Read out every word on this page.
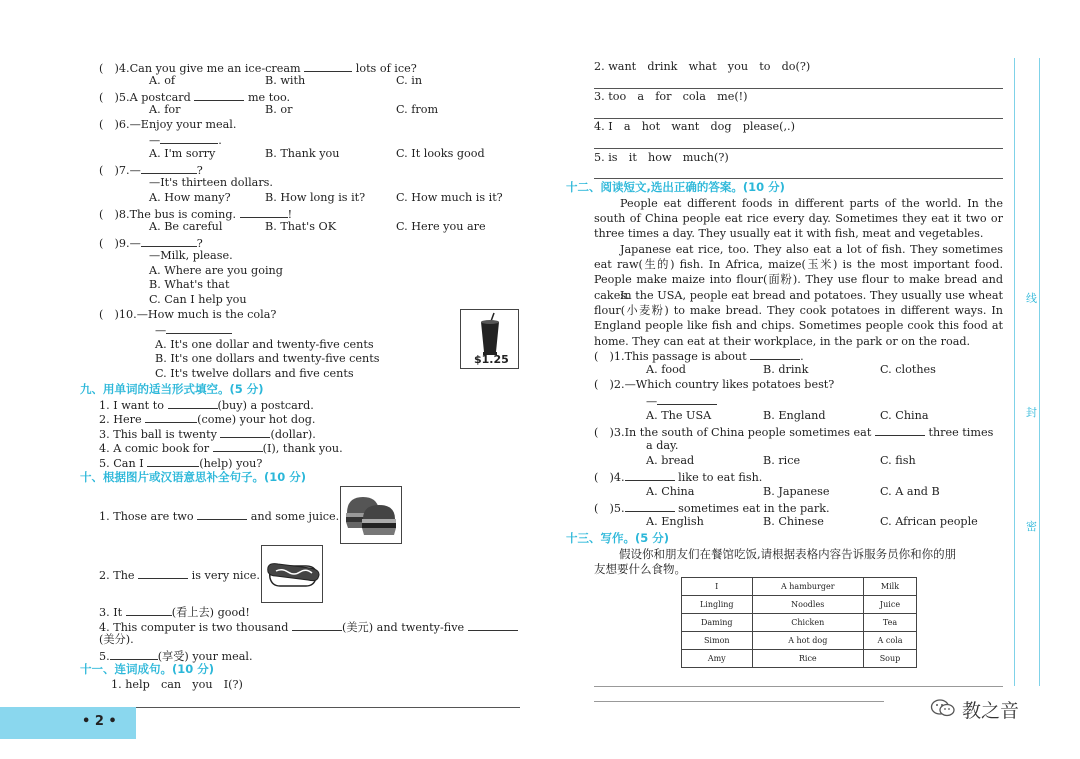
(　)4.Can you give me an ice-cream	lots of ice?
A. of	B. with	C. in
(　)5.A postcard	me too.
A. for	B. or	C. from
(　)6.—Enjoy your meal.
—	.
A. I'm sorry	B. Thank you	C. It looks good
(　)7.—	?
—It's thirteen dollars.
A. How many?	B. How long is it?	C. How much is it?
(　)8.The bus is coming.	!
A. Be careful	B. That's OK	C. Here you are
(　)9.—	?
—Milk, please.
A. Where are you going
B. What's that
C. Can I help you
(　)10.—How much is the cola?
—
A. It's one dollar and twenty-five cents
B. It's one dollars and twenty-five cents
C. It's twelve dollars and five cents
$1.25
九、用单词的适当形式填空。(5 分)
1. I want to	(buy) a postcard.
2. Here	(come) your hot dog.
3. This ball is twenty	(dollar).
4. A comic book for	(I), thank you.
5. Can I	(help) you?
十、根据图片或汉语意思补全句子。(10 分)
1. Those are two	and some juice.
2. The	is very nice.
3. It	(看上去) good!
4. This computer is two thousand	(美元) and twenty-five
(美分).
5.	(享受) your meal.
十一、连词成句。(10 分)
1. help　can　you　I(?)
• 2 •
2. want　drink　what　you　to　do(?)
3. too　a　for　cola　me(!)
4. I　a　hot　want　dog　please(,.)
5. is　it　how　much(?)
十二、阅读短文,选出正确的答案。(10 分)
People eat different foods in different parts of the world. In the south of China people eat rice every day. Sometimes they eat it two or three times a day. They usually eat it with fish, meat and vegetables.
Japanese eat rice, too. They also eat a lot of fish. They sometimes eat raw(生的) fish. In Africa, maize(玉米) is the most important food. People make maize into flour(面粉). They use flour to make bread and cakes.
In the USA, people eat bread and potatoes. They usually use wheat flour(小麦粉) to make bread. They cook potatoes in different ways. In England people like fish and chips. Sometimes people cook this food at home. They can eat at their workplace, in the park or on the road.
(　)1.This passage is about	.
A. food	B. drink	C. clothes
(　)2.—Which country likes potatoes best?
—
A. The USA	B. England	C. China
(　)3.In the south of China people sometimes eat	three times
a day.
A. bread	B. rice	C. fish
(　)4.	like to eat fish.
A. China	B. Japanese	C. A and B
(　)5.	sometimes eat in the park.
A. English	B. Chinese	C. African people
十三、写作。(5 分)
假设你和朋友们在餐馆吃饭,请根据表格内容告诉服务员你和你的朋
友想要什么食物。
I	A hamburger	Milk
Lingling	Noodles	Juice
Daming	Chicken	Tea
Simon	A hot dog	A cola
Amy	Rice	Soup
线
封
密
教之音
